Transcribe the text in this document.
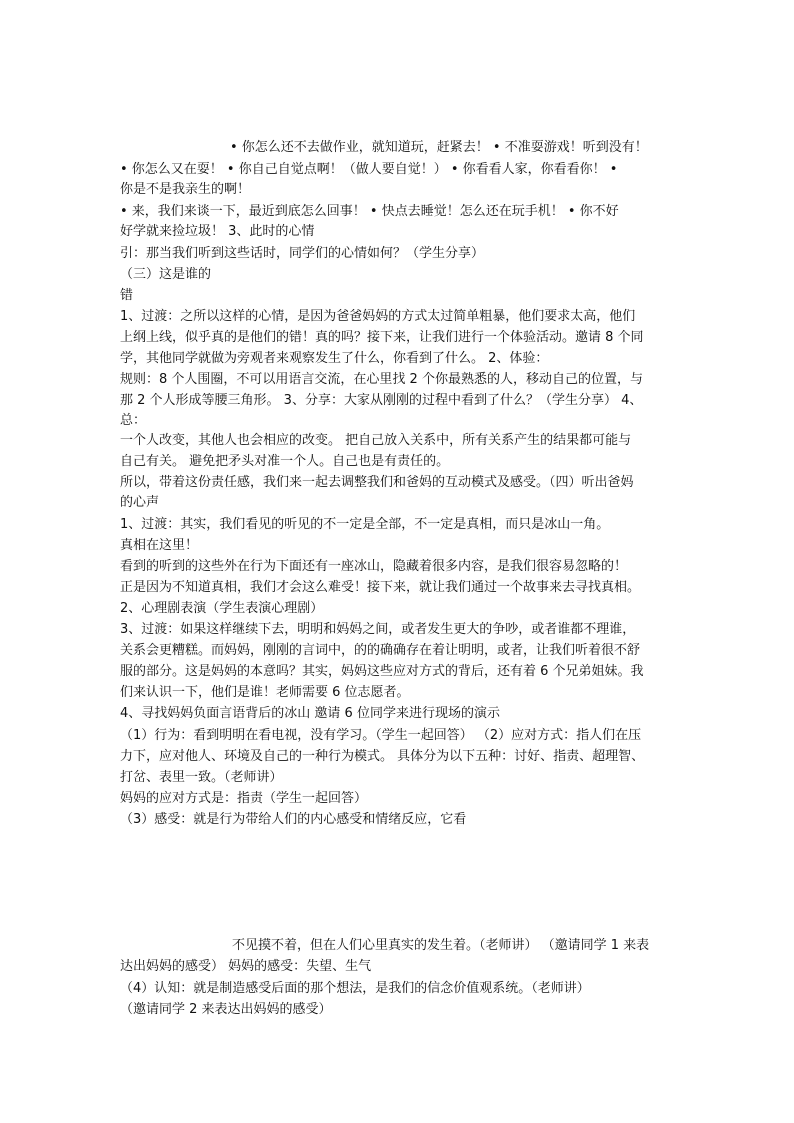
• 你怎么还不去做作业，就知道玩，赶紧去！ • 不准耍游戏！听到没有！
• 你怎么又在耍！ • 你自己自觉点啊！（做人要自觉！） • 你看看人家，你看看你！ •
你是不是我亲生的啊！
• 来，我们来谈一下，最近到底怎么回事！ • 快点去睡觉！怎么还在玩手机！ • 你不好
好学就来捡垃圾！ 3、此时的心情
引：那当我们听到这些话时，同学们的心情如何？（学生分享）
（三）这是谁的
错
1、过渡：之所以这样的心情，是因为爸爸妈妈的方式太过简单粗暴，他们要求太高，他们
上纲上线，似乎真的是他们的错！真的吗？接下来，让我们进行一个体验活动。邀请 8 个同
学，其他同学就做为旁观者来观察发生了什么，你看到了什么。 2、体验：
规则：8 个人围圈，不可以用语言交流，在心里找 2 个你最熟悉的人，移动自己的位置，与
那 2 个人形成等腰三角形。 3、分享：大家从刚刚的过程中看到了什么？（学生分享） 4、
总：
一个人改变，其他人也会相应的改变。 把自己放入关系中，所有关系产生的结果都可能与
自己有关。 避免把矛头对准一个人。自己也是有责任的。
所以，带着这份责任感，我们来一起去调整我们和爸妈的互动模式及感受。（四）听出爸妈
的心声
1、过渡：其实，我们看见的听见的不一定是全部，不一定是真相，而只是冰山一角。
真相在这里！
看到的听到的这些外在行为下面还有一座冰山，隐藏着很多内容，是我们很容易忽略的！
正是因为不知道真相，我们才会这么难受！接下来，就让我们通过一个故事来去寻找真相。
2、心理剧表演（学生表演心理剧）
3、过渡：如果这样继续下去，明明和妈妈之间，或者发生更大的争吵，或者谁都不理谁，
关系会更糟糕。而妈妈，刚刚的言词中，的的确确存在着让明明，或者，让我们听着很不舒
服的部分。这是妈妈的本意吗？其实，妈妈这些应对方式的背后，还有着 6 个兄弟姐妹。我
们来认识一下，他们是谁！老师需要 6 位志愿者。
4、寻找妈妈负面言语背后的冰山 邀请 6 位同学来进行现场的演示
（1）行为：看到明明在看电视，没有学习。（学生一起回答） （2）应对方式：指人们在压
力下，应对他人、环境及自己的一种行为模式。 具体分为以下五种：讨好、指责、超理智、
打岔、表里一致。（老师讲）
妈妈的应对方式是：指责（学生一起回答）
（3）感受：就是行为带给人们的内心感受和情绪反应，它看
不见摸不着，但在人们心里真实的发生着。（老师讲） （邀请同学 1 来表
达出妈妈的感受） 妈妈的感受：失望、生气
（4）认知：就是制造感受后面的那个想法，是我们的信念价值观系统。（老师讲）
（邀请同学 2 来表达出妈妈的感受）
